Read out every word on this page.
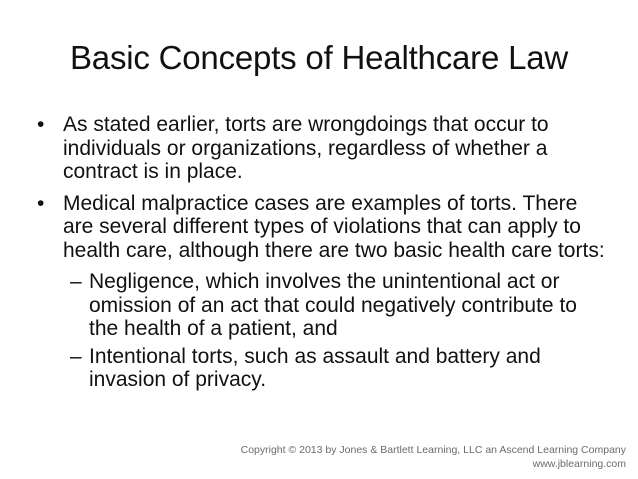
Basic Concepts of Healthcare Law
• As stated earlier, torts are wrongdoings that occur to individuals or organizations, regardless of whether a contract is in place.
• Medical malpractice cases are examples of torts. There are several different types of violations that can apply to health care, although there are two basic health care torts:
– Negligence, which involves the unintentional act or omission of an act that could negatively contribute to the health of a patient, and
– Intentional torts, such as assault and battery and invasion of privacy.
Copyright © 2013 by Jones & Bartlett Learning, LLC an Ascend Learning Company
www.jblearning.com
